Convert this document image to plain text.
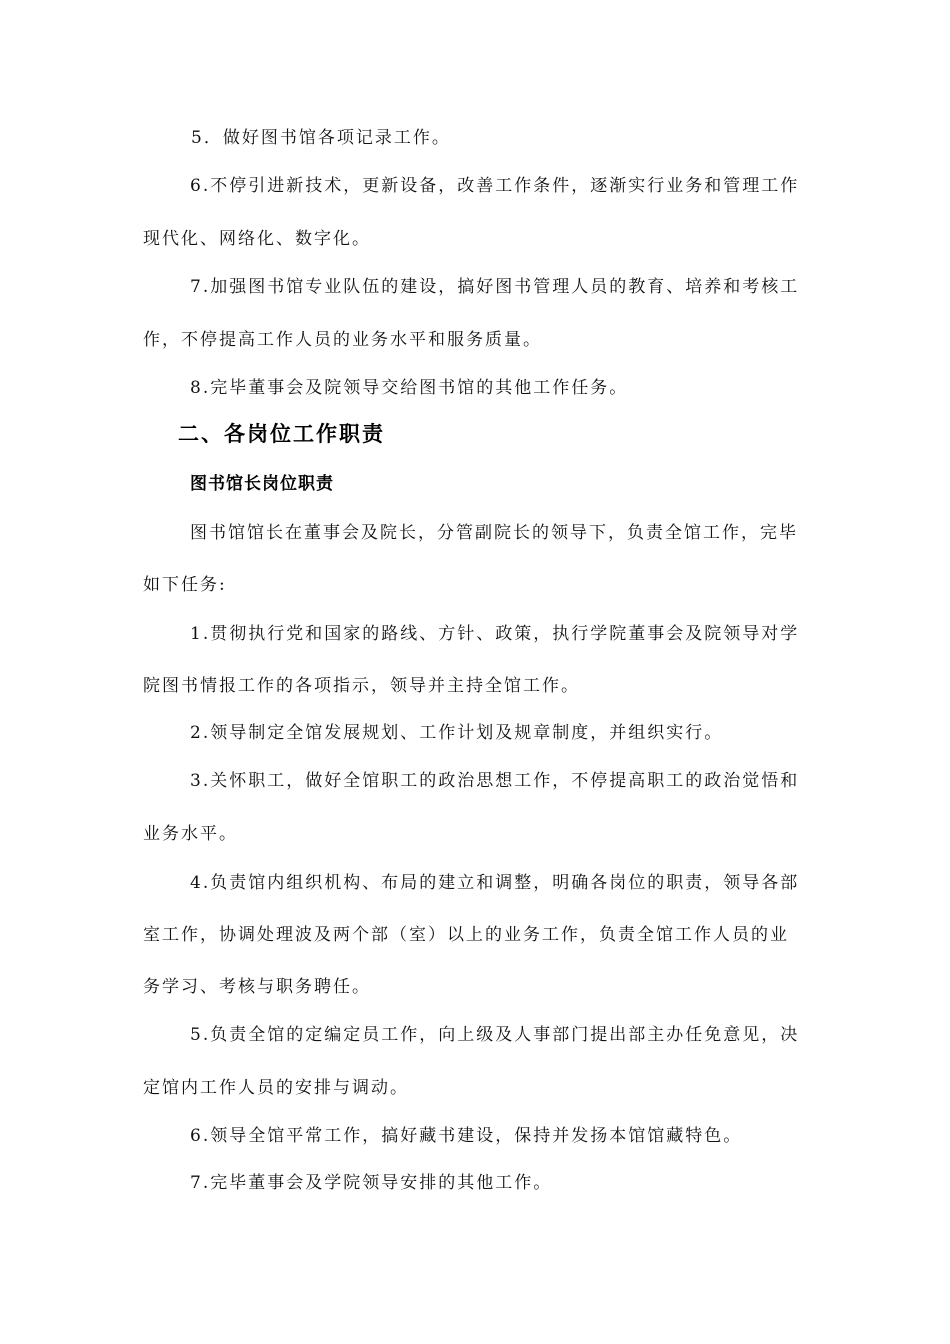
5．做好图书馆各项记录工作。
6.不停引进新技术，更新设备，改善工作条件，逐渐实行业务和管理工作
现代化、网络化、数字化。
7.加强图书馆专业队伍的建设，搞好图书管理人员的教育、培养和考核工
作，不停提高工作人员的业务水平和服务质量。
8.完毕董事会及院领导交给图书馆的其他工作任务。
二、各岗位工作职责
图书馆长岗位职责
图书馆馆长在董事会及院长，分管副院长的领导下，负责全馆工作，完毕
如下任务:
1.贯彻执行党和国家的路线、方针、政策，执行学院董事会及院领导对学
院图书情报工作的各项指示，领导并主持全馆工作。
2.领导制定全馆发展规划、工作计划及规章制度，并组织实行。
3.关怀职工，做好全馆职工的政治思想工作，不停提高职工的政治觉悟和
业务水平。
4.负责馆内组织机构、布局的建立和调整，明确各岗位的职责，领导各部
室工作，协调处理波及两个部（室）以上的业务工作，负责全馆工作人员的业
务学习、考核与职务聘任。
5.负责全馆的定编定员工作，向上级及人事部门提出部主办任免意见，决
定馆内工作人员的安排与调动。
6.领导全馆平常工作，搞好藏书建设，保持并发扬本馆馆藏特色。
7.完毕董事会及学院领导安排的其他工作。
